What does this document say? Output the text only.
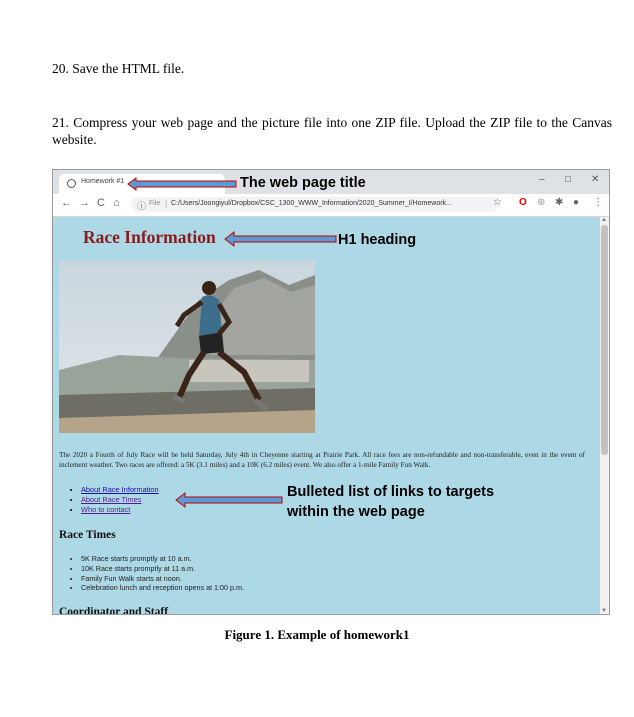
20. Save the HTML file.

21. Compress your web page and the picture file into one ZIP file. Upload the ZIP file to the Canvas website.

Homework #1	– □ ✕
← → C ⌂ ⓘ File | C:/Users/Joongiyul/Dropbox/CSC_1300_WWW_Information/2020_Summer_I/Homework...	☆ O ⊕ ✱ ● ⋮
Race Information

The 2020 a Fourth of July Race will be held Saturday, July 4th in Cheyenne starting at Prairie Park. All race fees are non-refundable and non-transferable, even in the event of inclement weather. Two races are offered: a 5K (3.1 miles) and a 10K (6.2 miles) event. We also offer a 1-mile Family Fun Walk.

• About Race Information
• About Race Times
• Who to contact
Race Times
• 5K Race starts promptly at 10 a.m.
• 10K Race starts promptly at 11 a.m.
• Family Fun Walk starts at noon.
• Celebration lunch and reception opens at 1:00 p.m.
Coordinator and Staff
▲
▼
The web page title
H1 heading
Bulleted list of links to targets
within the web page
Figure 1. Example of homework1
